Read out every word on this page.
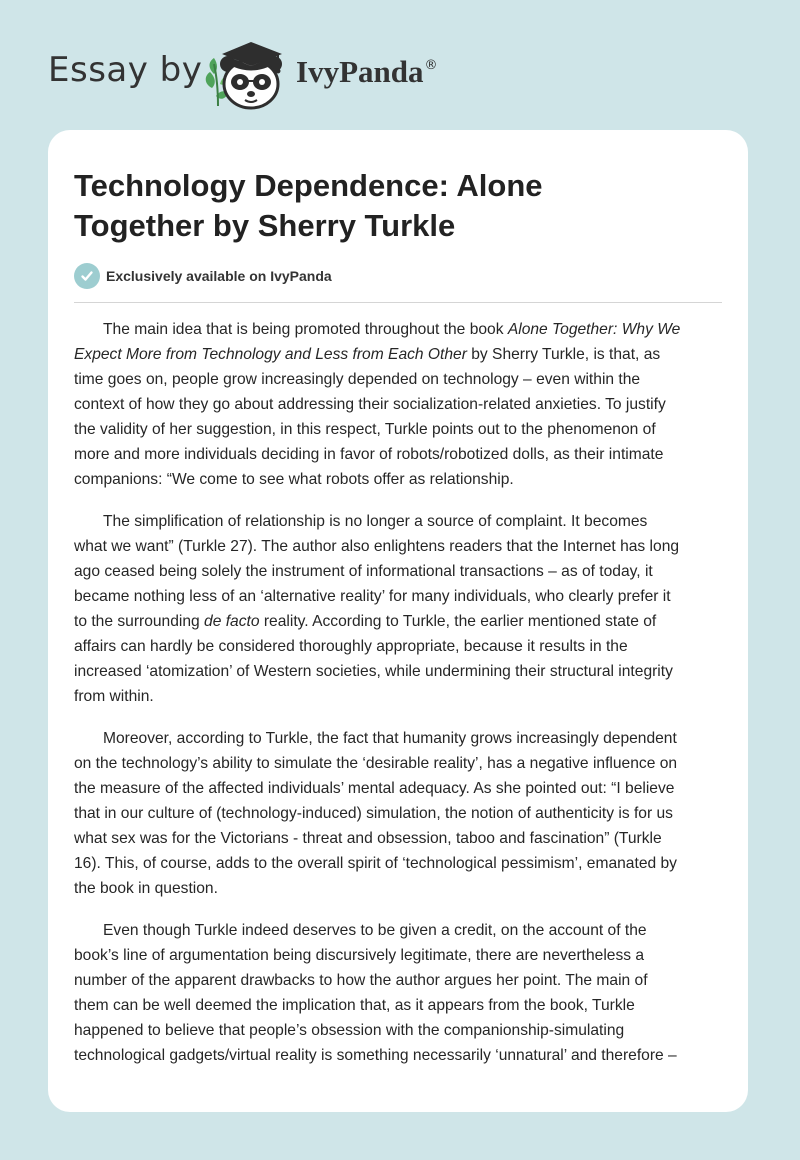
Essay by	IvyPanda®
Technology Dependence: Alone
Together by Sherry Turkle
Exclusively available on IvyPanda

The main idea that is being promoted throughout the book Alone Together: Why We
Expect More from Technology and Less from Each Other by Sherry Turkle, is that, as
time goes on, people grow increasingly depended on technology – even within the
context of how they go about addressing their socialization-related anxieties. To justify
the validity of her suggestion, in this respect, Turkle points out to the phenomenon of
more and more individuals deciding in favor of robots/robotized dolls, as their intimate
companions: “We come to see what robots offer as relationship.

The simplification of relationship is no longer a source of complaint. It becomes
what we want” (Turkle 27). The author also enlightens readers that the Internet has long
ago ceased being solely the instrument of informational transactions – as of today, it
became nothing less of an ‘alternative reality’ for many individuals, who clearly prefer it
to the surrounding de facto reality. According to Turkle, the earlier mentioned state of
affairs can hardly be considered thoroughly appropriate, because it results in the
increased ‘atomization’ of Western societies, while undermining their structural integrity
from within.

Moreover, according to Turkle, the fact that humanity grows increasingly dependent
on the technology’s ability to simulate the ‘desirable reality’, has a negative influence on
the measure of the affected individuals’ mental adequacy. As she pointed out: “I believe
that in our culture of (technology-induced) simulation, the notion of authenticity is for us
what sex was for the Victorians - threat and obsession, taboo and fascination” (Turkle
16). This, of course, adds to the overall spirit of ‘technological pessimism’, emanated by
the book in question.

Even though Turkle indeed deserves to be given a credit, on the account of the
book’s line of argumentation being discursively legitimate, there are nevertheless a
number of the apparent drawbacks to how the author argues her point. The main of
them can be well deemed the implication that, as it appears from the book, Turkle
happened to believe that people’s obsession with the companionship-simulating
technological gadgets/virtual reality is something necessarily ‘unnatural’ and therefore –
